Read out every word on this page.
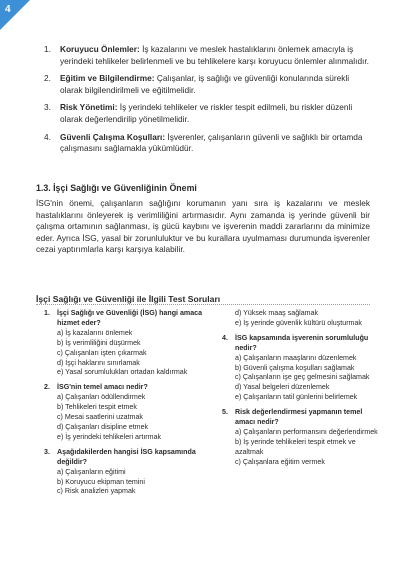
4
1. Koruyucu Önlemler: İş kazalarını ve meslek hastalıklarını önlemek amacıyla iş yerindeki tehlikeler belirlenmeli ve bu tehlikelere karşı koruyucu önlemler alınmalıdır.
2. Eğitim ve Bilgilendirme: Çalışanlar, iş sağlığı ve güvenliği konularında sürekli olarak bilgilendirilmeli ve eğitilmelidir.
3. Risk Yönetimi: İş yerindeki tehlikeler ve riskler tespit edilmeli, bu riskler düzenli olarak değerlendirilip yönetilmelidir.
4. Güvenli Çalışma Koşulları: İşverenler, çalışanların güvenli ve sağlıklı bir ortamda çalışmasını sağlamakla yükümlüdür.
1.3. İşçi Sağlığı ve Güvenliğinin Önemi
İSG'nin önemi, çalışanların sağlığını korumanın yanı sıra iş kazalarını ve meslek hastalıklarını önleyerek iş verimliliğini artırmasıdır. Aynı zamanda iş yerinde güvenli bir çalışma ortamının sağlanması, iş gücü kaybını ve işverenin maddi zararlarını da minimize eder. Ayrıca İSG, yasal bir zorunluluktur ve bu kurallara uyulmaması durumunda işverenler cezai yaptırımlarla karşı karşıya kalabilir.
İşçi Sağlığı ve Güvenliği ile İlgili Test Soruları
1. İşçi Sağlığı ve Güvenliği (İSG) hangi amaca hizmet eder?
a) İş kazalarını önlemek
b) İş verimliliğini düşürmek
c) Çalışanları işten çıkarmak
d) İşçi haklarını sınırlamak
e) Yasal sorumlulukları ortadan kaldırmak
2. İSG'nin temel amacı nedir?
a) Çalışanları ödüllendirmek
b) Tehlikeleri tespit etmek
c) Mesai saatlerini uzatmak
d) Çalışanları disipline etmek
e) İş yerindeki tehlikeleri artırmak
3. Aşağıdakilerden hangisi İSG kapsamında değildir?
a) Çalışanların eğitimi
b) Koruyucu ekipman temini
c) Risk analizleri yapmak
d) Yüksek maaş sağlamak
e) İş yerinde güvenlik kültürü oluşturmak
4. İSG kapsamında işverenin sorumluluğu nedir?
a) Çalışanların maaşlarını düzenlemek
b) Güvenli çalışma koşulları sağlamak
c) Çalışanların işe geç gelmesini sağlamak
d) Yasal belgeleri düzenlemek
e) Çalışanların tatil günlerini belirlemek
5. Risk değerlendirmesi yapmanın temel amacı nedir?
a) Çalışanların performansını değerlendirmek
b) İş yerinde tehlikeleri tespit etmek ve azaltmak
c) Çalışanlara eğitim vermek
